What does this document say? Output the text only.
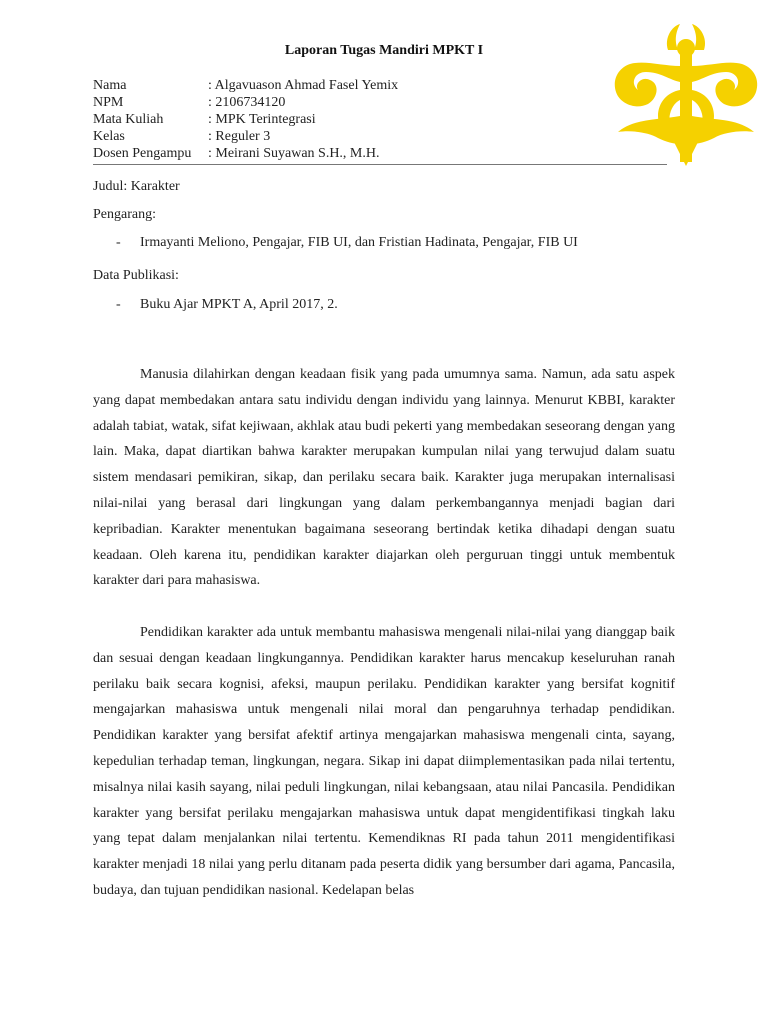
Laporan Tugas Mandiri MPKT I
Nama	: Algavuason Ahmad Fasel Yemix
NPM	: 2106734120
Mata Kuliah	: MPK Terintegrasi
Kelas	: Reguler 3
Dosen Pengampu	: Meirani Suyawan S.H., M.H.
Judul: Karakter
Pengarang:
- Irmayanti Meliono, Pengajar, FIB UI, dan Fristian Hadinata, Pengajar, FIB UI
Data Publikasi:
- Buku Ajar MPKT A, April 2017, 2.

Manusia dilahirkan dengan keadaan fisik yang pada umumnya sama. Namun, ada satu aspek yang dapat membedakan antara satu individu dengan individu yang lainnya. Menurut KBBI, karakter adalah tabiat, watak, sifat kejiwaan, akhlak atau budi pekerti yang membedakan seseorang dengan yang lain. Maka, dapat diartikan bahwa karakter merupakan kumpulan nilai yang terwujud dalam suatu sistem mendasari pemikiran, sikap, dan perilaku secara baik. Karakter juga merupakan internalisasi nilai-nilai yang berasal dari lingkungan yang dalam perkembangannya menjadi bagian dari kepribadian. Karakter menentukan bagaimana seseorang bertindak ketika dihadapi dengan suatu keadaan. Oleh karena itu, pendidikan karakter diajarkan oleh perguruan tinggi untuk membentuk karakter dari para mahasiswa.

Pendidikan karakter ada untuk membantu mahasiswa mengenali nilai-nilai yang dianggap baik dan sesuai dengan keadaan lingkungannya. Pendidikan karakter harus mencakup keseluruhan ranah perilaku baik secara kognisi, afeksi, maupun perilaku. Pendidikan karakter yang bersifat kognitif mengajarkan mahasiswa untuk mengenali nilai moral dan pengaruhnya terhadap pendidikan. Pendidikan karakter yang bersifat afektif artinya mengajarkan mahasiswa mengenali cinta, sayang, kepedulian terhadap teman, lingkungan, negara. Sikap ini dapat diimplementasikan pada nilai tertentu, misalnya nilai kasih sayang, nilai peduli lingkungan, nilai kebangsaan, atau nilai Pancasila. Pendidikan karakter yang bersifat perilaku mengajarkan mahasiswa untuk dapat mengidentifikasi tingkah laku yang tepat dalam menjalankan nilai tertentu. Kemendiknas RI pada tahun 2011 mengidentifikasi karakter menjadi 18 nilai yang perlu ditanam pada peserta didik yang bersumber dari agama, Pancasila, budaya, dan tujuan pendidikan nasional. Kedelapan belas
